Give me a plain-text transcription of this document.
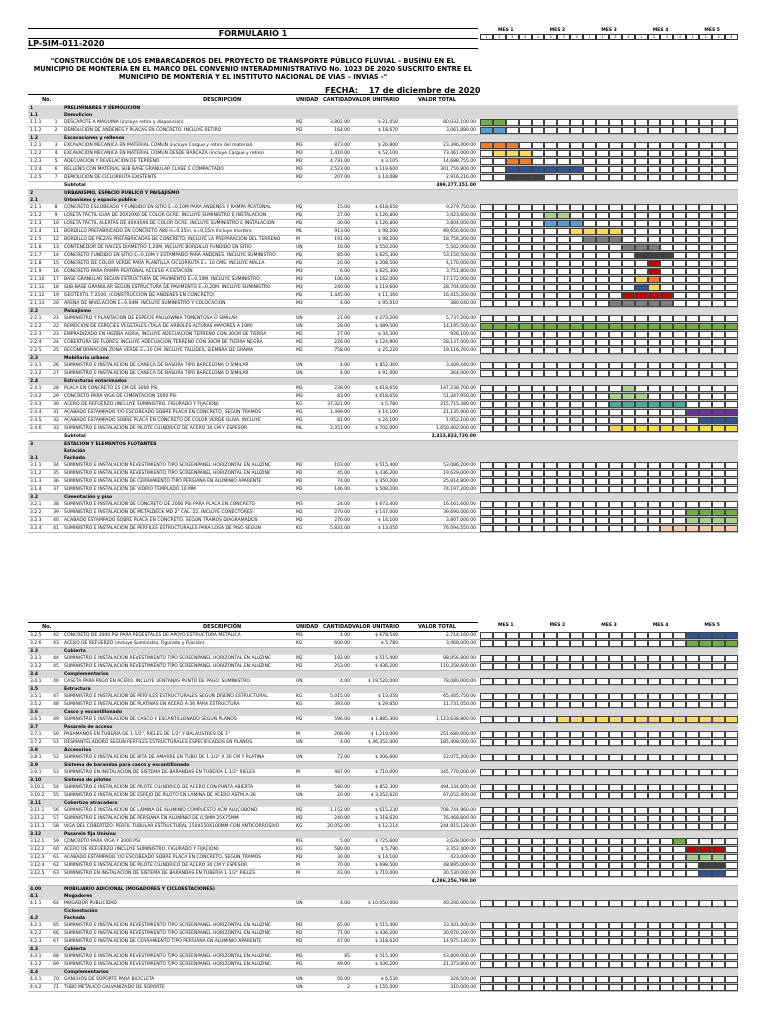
FORMULARIO 1
LP-SIM-011-2020
"CONSTRUCCIÓN DE LOS EMBARCADEROS DEL PROYECTO DE TRANSPORTE PÚBLICO FLUVIAL – BUSINU EN EL MUNICIPIO DE MONTERÍA EN EL MARCO DEL CONVENIO INTERADMINISTRATIVO No. 1023 DE 2020 SUSCRITO ENTRE EL MUNICIPIO DE MONTERÍA Y EL INSTITUTO NACIONAL DE VIAS – INVIAS -"
FECHA: 17 de diciembre de 2020
No.	DESCRIPCIÓN	UNIDAD CANTIDAD VALOR UNITARIO	VALOR TOTAL
MES 1	MES 2	MES 3	MES 4	MES 5
1	2	3	4	1	2	3	4	1	2	3	4	1	2	3	4	1	2	3	4
1	PRELIMINARES Y DEMOLICION
1.1	Demolicion
1.1.1	1	DESCAPOTE A MÁQUINA (incluye retiro y disposición)	M2	3,802.00	$ 21,050	80,032,100.00
1.1.2	2	DEMOLICIÓN DE ANDENES Y PLACAS EN CONCRETO. INCLUYE RETIRO	M2	164.00	$ 18,670	3,061,880.00
1.2	Excavaciones y rellenos
1.2.1	3	EXCAVACION MECANICA EN MATERIAL COMUN (incluye Cargue y retiro del material)	M3	873.00	$ 26,800	23,396,400.00
1.2.2	4	EXCAVACION MECANICA EN MATERIAL COMUN DESDE BARCAZA (incluye Cargue y retiro)	M3	1,410.00	$ 52,100	73,461,000.00
1.2.3	5	ADECUACION Y REVELACION DE TERRENO	M2	4,731.00	$ 3,105	14,688,755.00
1.2.4	6	RELLENO CON MATERIAL SUB BASE GRANULAR CLASE C COMPACTADO	M3	2,523.00	$ 119,600	301,750,800.00
1.2.5	7	DEMOLICION DE CICLORRUTA EXISTENTE	M2	207.00	$ 14,088	2,916,216.00
Subtotal	499,277,151.00
2	URBANISMO, ESPACIO PUBLICO Y PAISAJISMO
2.1	Urbanismo y espacio público
2.1.1	8	CONCRETO ESCOBEADO Y FUNDIDO EN SITIO E=0,10M PARA ANDENES Y RAMPA PEATONAL	M2	15.00	$ 618,650	9,279,750.00
2.1.2	9	LOSETA TACTIL GUIA DE 20X20X6 DE COLOR OCRE. INCLUYE SUMINISTRO E INSTALACION	M2	27.00	$ 126,800	3,423,600.00
2.1.3	10	LOSETA TACTIL ALERTAS DE 40X40X6 DE COLOR OCRE. INCLUYE SUMINISTRO E INSTALACION	M2	30.00	$ 126,800	3,804,000.00
2.1.4	11	BORDILLO PREFABRICADO EN CONCRETO A80 H=0.35m, e=0,15m Incluye mortero	ML	913.00	$ 98,200	89,656,600.00
2.1.5	12	BORDILLO DE PIEZAS PREFABRICADAS DE CONCRETO; INCLUYE LA PREPARACION DEL TERRENO	M	191.00	$ 98,200	18,756,200.00
2.1.6	13	CONTENEDOR DE RAICES DIAMETRO 1,20M, INCLUYE BORDILLO FUNDIDO EN SITIO	UN	10.00	$ 550,200	5,502,000.00
2.1.7	14	CONCRETO FUNDIDO EN SITIO E=0,10M Y ESTAMPADO PARA ANDENES. INCLUYE SUMINISTRO	M2	85.00	$ 625,300	53,150,500.00
2.1.8	15	CONCRETO DE COLOR VERDE PARA PLANTILLA CICLORRUTA E= 10 CMS. INCLUYE MALLA	M2	20.00	$ 208,500	4,170,000.00
2.1.9	16	CONCRETO PARA RAMPA PEATONAL ACCESO A ESTACION	M3	6.00	$ 625,300	3,751,800.00
2.1.10	17	BASE GRANULAR SEGUN ESTRUCTURA DE PAVIMENTO E=0,10M. INCLUYE SUMINISTRO	M3	106.00	$ 162,000	17,172,000.00
2.1.11	18	SUB-BASE GRANULAR SEGUN ESTRUCTURA DE PAVIMENTO E=0,20M. INCLUYE SUMINISTRO	M3	240.00	$ 119,600	28,704,000.00
2.1.12	19	GEOTEXTIL T 2100. (CONSTRUCCIÓN DE ANDENES EN CONCRETO)	M2	1,445.00	$ 11,360	16,415,200.00
2.1.13	20	ARENA DE NIVELACIÓN E=0,04M. INCLUYE SUMINISTRO Y COLOCACIÓN	M3	4.00	$ 95,010	380,040.00
2.2	Paisajismo
2.2.1	21	SUMINISTRO Y PLANTACION DE ESPECIE PAULOWNIA TOMENTOSA O SIMILAR	UN	21.00	$ 273,200	5,737,200.00
2.2.2	22	REMOCION DE ESPECIES VEGETALES (TALA DE ARBOLES ALTURAS MAYORES A 10M)	UN	29.00	$ 489,500	14,195,500.00
2.2.3	23	EMPRADIZADO EN HIERBA AGRIA, INCLUYE ADECUACION TERRENO CON 30CM DE TIERRA	M2	27.00	$ 34,300	926,100.00
2.2.4	24	COBERTURA DE FLORES, INCLUYE ADECUACION TERRENO CON 30CM DE TIERRA NEGRA	M2	226.00	$ 124,900	28,137,000.00
2.2.5	25	RECONFORMACIÓN ZONA VERDE E=10 CM. INCLUYE TALUDES, SIEMBRA DE GRAMA	M2	758.00	$ 25,220	19,116,760.00
2.3	Mobiliario urbano
2.3.1	26	SUMINISTRO E INSTALACIÓN DE CANECA DE BASURA TIPO BARCELONA O SIMILAR	UN	4.00	$ 852,360	3,409,440.00
2.3.2	27	SUMINISTRO E INSTALACIÓN DE CANECA DE BASURA TIPO BARCELONA O SIMILAR	UN	4.00	$ 91,000	364,000.00
2.4	Estructuras entarimados
2.4.1	28	PLACA EN CONCRETO 15 CM DE 3000 PSI	M2	238.00	$ 618,650	147,238,700.00
2.4.2	29	CONCRETO PARA VIGA DE CIMENTACIÓN 3000 PSI	M3	83.00	$ 618,650	51,347,950.00
2.4.3	30	ACERO DE REFUERZO (INCLUYE SUMINISTRO, FIGURADO Y FIJACIÓN)	KG	37,321.00	$ 5,780	215,715,380.00
2.4.4	31	ACABADO ESTAMPADO Y/O ESCOBEADO SOBRE PLACA EN CONCRETO, SEGÚN TRAMOS	M2	1,499.00	$ 14,100	21,135,900.00
2.4.5	32	ACABADO ESTAMPADO SOBRE PLACA EN CONCRETO DE COLOR VERDE OLIVA. INCLUYE	M2	81.00	$ 24,100	1,952,100.00
2.4.6	33	SUMINISTRO E INSTALACIÓN DE PILOTE CILINDRICO DE ACERO 30 CM Y ESPESOR	ML	2,351.00	$ 702,000	1,650,402,000.00
Subtotal	2,413,823,720.00
3	ESTACION Y ELEMENTOS FLOTANTES
Estación
3.1	Fachada
3.1.1	34	SUMINISTRO E INSTALACIÓN REVESTIMIENTO TIPO SCREENPANEL HORIZONTAL EN ALUZINC	M2	103.00	$ 515,400	53,086,200.00
3.1.2	35	SUMINISTRO E INSTALACIÓN REVESTIMIENTO TIPO SCREENPANEL HORIZONTAL EN ALUZINC	M2	45.00	$ 436,200	19,629,000.00
3.1.3	36	SUMINISTRO E INSTALACIÓN DE CERRAMIENTO TIPO PERSIANA EN ALUMINIO APARENTE	M2	74.00	$ 350,200	25,914,800.00
3.1.4	37	SUMINISTRO E INSTALACIÓN DE VIDRIO TEMPLADO 10 MM	M2	146.00	$ 508,200	74,197,200.00
3.2	Cimentación y piso
3.2.1	38	SUMINISTRO E INSTALACIÓN DE CONCRETO DE 2000 PSI PARA PLACA EN CONCRETO	M3	24.00	$ 673,400	16,161,600.00
3.2.2	39	SUMINISTRO E INSTALACIÓN DE METALDECK MD 2" CAL. 22, INCLUYE CONECTORES	M2	270.00	$ 147,000	39,690,000.00
3.2.3	40	ACABADO ESTAMPADO SOBRE PLACA EN CONCRETO, SEGÚN TRAMOS DIAGRAMADOS	M2	270.00	$ 14,100	3,807,000.00
3.2.4	41	SUMINISTRO E INSTALACIÓN DE PERFILES ESTRUCTURALES PARA LOSA DE PISO SEGÚN	KG	5,831.00	$ 13,050	76,094,550.00
No.	DESCRIPCIÓN	UNIDAD CANTIDAD VALOR UNITARIO	VALOR TOTAL	MES 1	MES 2	MES 3	MES 4	MES 5
3.2.5	42	CONCRETO DE 3000 PSI PARA PEDESTALES DE APOYO ESTRUCTURA METÁLICA	M3	4.00	$ 678,540	2,714,160.00
3.2.6	43	ACERO DE REFUERZO (incluye Suministro, Figurado y Fijación)	KG	600.00	$ 5,780	3,468,000.00
3.3	Cubierta
3.3.1	44	SUMINISTRO E INSTALACIÓN REVESTIMIENTO TIPO SCREENPANEL HORIZONTAL EN ALUZINC	M2	192.00	$ 515,400	98,956,800.00
3.3.2	45	SUMINISTRO E INSTALACIÓN REVESTIMIENTO TIPO SCREENPANEL HORIZONTAL EN ALUZINC	M2	253.00	$ 436,200	110,358,600.00
3.4	Complementarios
3.4.1	46	CASETA PARA PAGO EN ACERO. INCLUYE VENTANAS PUNTO DE PAGO. SUMINISTRO	UN	4.00	$ 19,520,000	78,080,000.00
3.5	Estructura
3.5.1	47	SUMINISTRO E INSTALACIÓN DE PERFILES ESTRUCTURALES SEGÚN DISEÑO ESTRUCTURAL	KG	5,015.00	$ 13,050	65,445,750.00
3.5.2	48	SUMINISTRO E INSTALACIÓN DE PLATINAS EN ACERO A-36 PARA ESTRUCTURA	KG	393.00	$ 29,850	11,731,050.00
3.6	Casco y escantillonado
3.6.1	49	SUMINISTRO E INSTALACIÓN DE CASCO Y ESCANTILLONADO SEGÚN PLANOS	M2	596.00	$ 1,885,300	1,123,638,800.00
3.7	Pasarela de acceso
3.7.1	50	PASAMANOS EN TUBERÍA DE 1-1/2", RIELES DE 1/2" Y BALAUSTRES DE 1"	M	208.00	$ 1,210,000	251,680,000.00
3.7.2	51	DESMANTELADORO SEGÚN PERFILES ESTRUCTURALES ESPECIFICADOS EN PLANOS	UN	4.00	$ 46,352,000	185,408,000.00
3.8	Accesorios
3.8.1	52	SUMINISTRO E INSTALACIÓN DE BITA DE AMARRE EN TUBO DE 1-1/2" X 30 CM Y PLATINA	UN	72.00	$ 306,600	22,075,200.00
3.9	Sistema de barandas para casco y escantillonado
3.9.1	53	SUMINISTRO EN INSTALACIÓN DE SISTEMA DE BARANDAS EN TUBERÍA 1-1/2" RIELES	M	487.00	$ 710,000	345,770,000.00
3.10	Sistema de pilotes
3.10.1	54	SUMINISTRO E INSTALACIÓN DE PILOTE CILINDRICO DE ACERO CON PUNTA ABIERTA	M	580.00	$ 852,300	494,334,000.00
3.10.2	55	SUMINISTRO E INSTALACIÓN DE ESPEJO DE PILOTO EN LÁMINA DE ACERO ASTM A-36	UN	20.00	$ 3,352,620	67,052,400.00
3.11	Cobertizo atracadero
3.11.1	56	SUMINISTRO E INSTALACIÓN DE LÁMINA DE ALUMINIO COMPUESTO ACM ALUCOBOND	M2	1,152.00	$ 615,230	708,744,960.00
3.11.2	57	SUMINISTRO E INSTALACIÓN DE PERSIANA EN ALUMINIO DE 0,5MM 25X75MM	M2	240.00	$ 318,620	76,468,800.00
3.11.3	58	VIGA DEL COBERTIZO: PERFIL TUBULAR ESTRUCTURAL 150X150X100MM CON ANTICORROSIVO	KG	20,052.00	$ 12,214	244,915,128.00
3.12	Pasarela fija Unisinu
3.12.1	59	CONCRETO PARA VIGA Y 3000 PSI	M3	5.00	$ 725,600	3,628,000.00
3.12.2	60	ACERO DE REFUERZO (INCLUYE SUMINISTRO, FIGURADO Y FIJACIÓN)	KG	580.00	$ 5,780	3,352,400.00
3.12.3	61	ACABADO ESTAMPADO Y/O ESCOBEADO SOBRE PLACA EN CONCRETO, SEGÚN TRAMOS	M2	30.00	$ 14,100	423,000.00
3.12.4	62	SUMINISTRO E INSTALACIÓN DE PILOTE CILINDRICO DE ACERO 30 CM Y ESPESOR	M	70.00	$ 698,500	48,895,000.00
3.12.5	63	SUMINISTRO EN INSTALACIÓN DE SISTEMA DE BARANDAS EN TUBERÍA 1-1/2" RIELES	M	43.00	$ 710,000	30,530,000.00
4,286,256,798.00
4.00	MOBILIARIO ADICIONAL (MOGADORES Y CICLOESTACIONES)
4.1	Mogadores
4.1.1	64	MOGADOR PUBLICIDAD	UN	4.00	$ 10,050,000	40,200,000.00
Cicloestación
4.2	Fachada
4.2.1	65	SUMINISTRO E INSTALACIÓN REVESTIMIENTO TIPO SCREENPANEL HORIZONTAL EN ALUZINC	M2	65.00	$ 515,400	33,501,000.00
4.2.2	66	SUMINISTRO E INSTALACIÓN REVESTIMIENTO TIPO SCREENPANEL HORIZONTAL EN ALUZINC	M2	71.00	$ 436,200	30,970,200.00
4.2.3	67	SUMINISTRO E INSTALACIÓN DE CERRAMIENTO TIPO PERSIANA EN ALUMINIO APARENTE	M2	47.00	$ 318,620	14,975,140.00
4.3	Cubierta
4.3.1	68	SUMINISTRO E INSTALACIÓN REVESTIMIENTO TIPO SCREENPANEL HORIZONTAL EN ALUZINC	M2	85	$ 515,400	43,809,000.00
4.3.2	69	SUMINISTRO E INSTALACIÓN REVESTIMIENTO TIPO SCREENPANEL HORIZONTAL EN ALUZINC	M2	49.00	$ 436,200	21,373,800.00
4.4	Complementarios
4.4.1	70	GANCHOS DE SOPORTE PARA BICICLETA	UN	50.00	$ 6,530	326,500.00
4.4.2	71	TUBO METÁLICO GALVANIZADO DE SOPORTE	UN	2	$ 155,000	310,000.00
